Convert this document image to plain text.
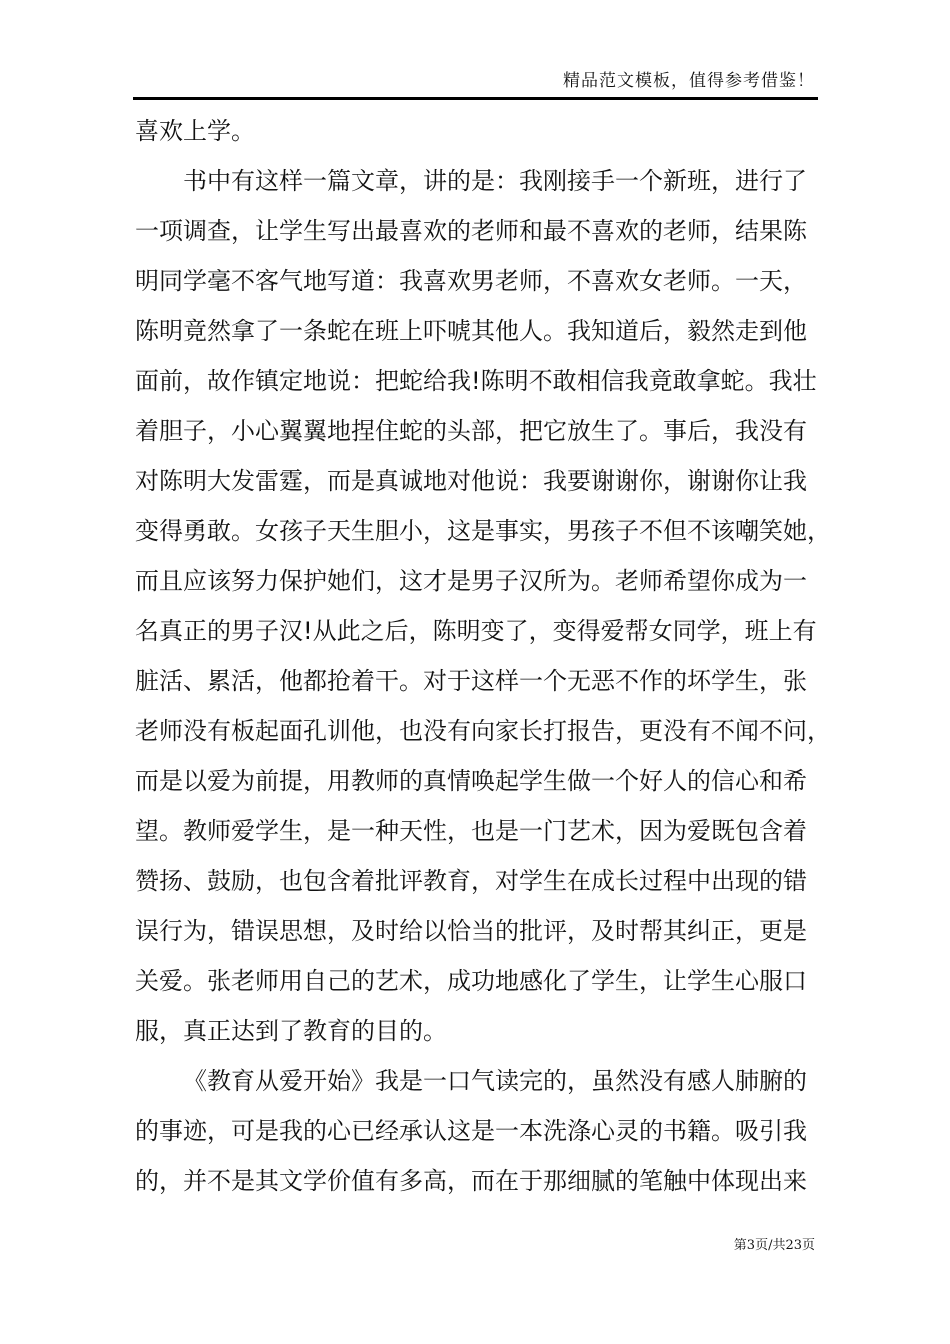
精品范文模板，值得参考借鉴！
喜欢上学。
书中有这样一篇文章，讲的是：我刚接手一个新班，进行了
一项调查，让学生写出最喜欢的老师和最不喜欢的老师，结果陈
明同学毫不客气地写道：我喜欢男老师，不喜欢女老师。一天，
陈明竟然拿了一条蛇在班上吓唬其他人。我知道后，毅然走到他
面前，故作镇定地说：把蛇给我!陈明不敢相信我竟敢拿蛇。我壮
着胆子，小心翼翼地捏住蛇的头部，把它放生了。事后，我没有
对陈明大发雷霆，而是真诚地对他说：我要谢谢你，谢谢你让我
变得勇敢。女孩子天生胆小，这是事实，男孩子不但不该嘲笑她，
而且应该努力保护她们，这才是男子汉所为。老师希望你成为一
名真正的男子汉!从此之后，陈明变了，变得爱帮女同学，班上有
脏活、累活，他都抢着干。对于这样一个无恶不作的坏学生，张
老师没有板起面孔训他，也没有向家长打报告，更没有不闻不问，
而是以爱为前提，用教师的真情唤起学生做一个好人的信心和希
望。教师爱学生，是一种天性，也是一门艺术，因为爱既包含着
赞扬、鼓励，也包含着批评教育，对学生在成长过程中出现的错
误行为，错误思想，及时给以恰当的批评，及时帮其纠正，更是
关爱。张老师用自己的艺术，成功地感化了学生，让学生心服口
服，真正达到了教育的目的。
《教育从爱开始》我是一口气读完的，虽然没有感人肺腑的
的事迹，可是我的心已经承认这是一本洗涤心灵的书籍。吸引我
的，并不是其文学价值有多高，而在于那细腻的笔触中体现出来
第3页/共23页
